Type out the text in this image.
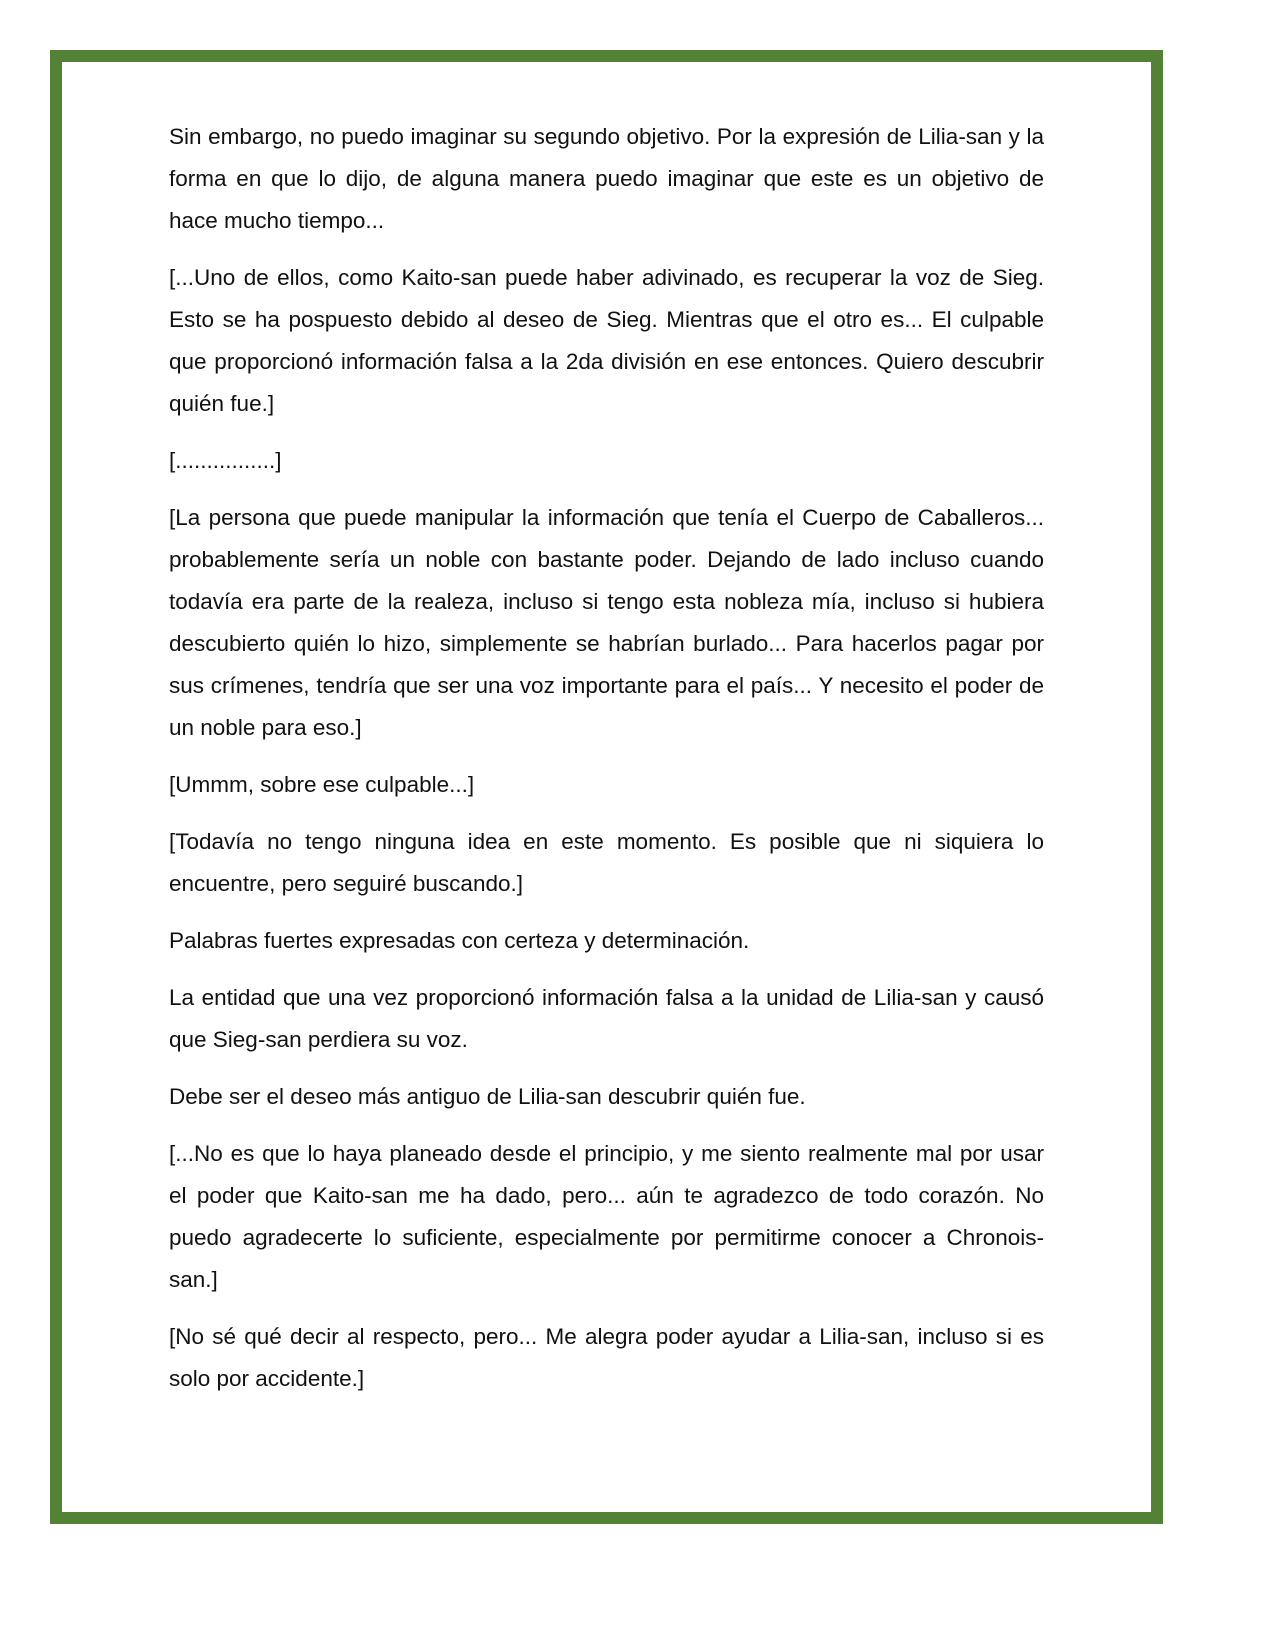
Sin embargo, no puedo imaginar su segundo objetivo. Por la expresión de Lilia-san y la forma en que lo dijo, de alguna manera puedo imaginar que este es un objetivo de hace mucho tiempo...

[...Uno de ellos, como Kaito-san puede haber adivinado, es recuperar la voz de Sieg. Esto se ha pospuesto debido al deseo de Sieg. Mientras que el otro es... El culpable que proporcionó información falsa a la 2da división en ese entonces. Quiero descubrir quién fue.]

[................]

[La persona que puede manipular la información que tenía el Cuerpo de Caballeros... probablemente sería un noble con bastante poder. Dejando de lado incluso cuando todavía era parte de la realeza, incluso si tengo esta nobleza mía, incluso si hubiera descubierto quién lo hizo, simplemente se habrían burlado... Para hacerlos pagar por sus crímenes, tendría que ser una voz importante para el país... Y necesito el poder de un noble para eso.]

[Ummm, sobre ese culpable...]

[Todavía no tengo ninguna idea en este momento. Es posible que ni siquiera lo encuentre, pero seguiré buscando.]

Palabras fuertes expresadas con certeza y determinación.

La entidad que una vez proporcionó información falsa a la unidad de Lilia-san y causó que Sieg-san perdiera su voz.

Debe ser el deseo más antiguo de Lilia-san descubrir quién fue.

[...No es que lo haya planeado desde el principio, y me siento realmente mal por usar el poder que Kaito-san me ha dado, pero... aún te agradezco de todo corazón. No puedo agradecerte lo suficiente, especialmente por permitirme conocer a Chronois-san.]

[No sé qué decir al respecto, pero... Me alegra poder ayudar a Lilia-san, incluso si es solo por accidente.]
